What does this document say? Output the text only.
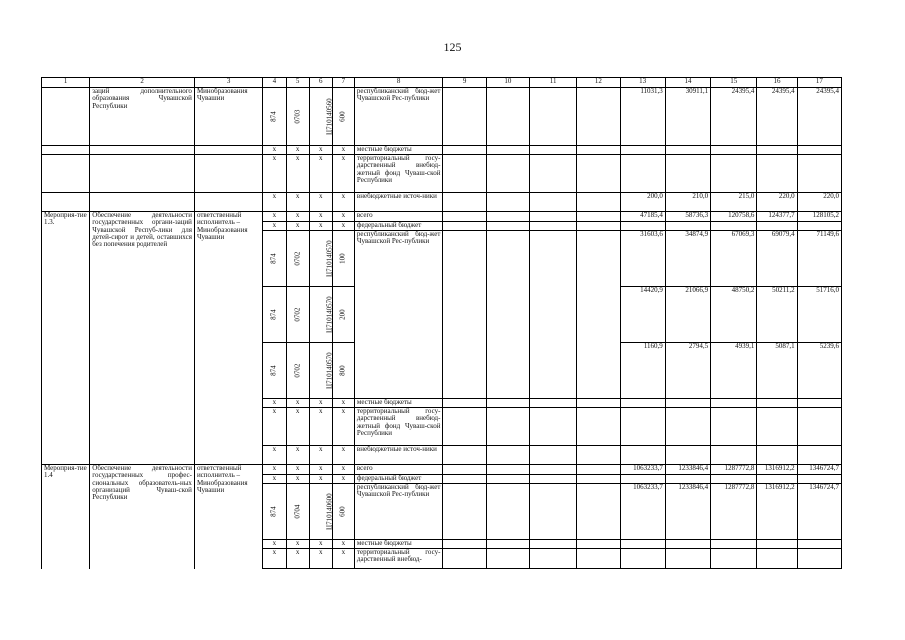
125
1	2	3	4	5	6	7	8	9	10	11	12	13	14	15	16	17
	заций дополнительного образования Чувашской Республики	Минобразования Чувашии	874	0703	Ц710140560	600	республиканский бюд-жет Чувашской Рес-публики					11031,3	30911,1	24395,4	24395,4	24395,4
			х	х	х	х	местные бюджеты									
			х	х	х	х	территориальный госу-дарственный внебюд-жетный фонд Чуваш-ской Республики									
			х	х	х	х	внебюджетные источ-ники					200,0	210,0	215,0	220,0	220,0
Мероприя-тие 1.3.	Обеспечение деятельности государственных органи-заций Чувашской Респуб-лики для детей-сирот и детей, оставшихся без попечения родителей	ответственный исполнитель – Минобразования Чувашии	х	х	х	х	всего					47185,4	58736,3	120758,6	124377,7	128105,2
			х	х	х	х	федеральный бюджет									
			874	0702	Ц710140570	100	республиканский бюд-жет Чувашской Рес-публики					31603,6	34874,9	67069,3	69079,4	71149,6
			874	0702	Ц710140570	200						14420,9	21066,9	48750,2	50211,2	51716,0
			874	0702	Ц710140570	800						1160,9	2794,5	4939,1	5087,1	5239,6
			х	х	х	х	местные бюджеты									
			х	х	х	х	территориальный госу-дарственный внебюд-жетный фонд Чуваш-ской Республики									
			х	х	х	х	внебюджетные источ-ники									
Мероприя-тие 1.4	Обеспечение деятельности государственных профес-сиональных образователь-ных организаций Чуваш-ской Республики	ответственный исполнитель – Минобразования Чувашии	х	х	х	х	всего					1063233,7	1233846,4	1287772,8	1316912,2	1346724,7
			х	х	х	х	федеральный бюджет									
			874	0704	Ц710140600	600	республиканский бюд-жет Чувашской Рес-публики					1063233,7	1233846,4	1287772,8	1316912,2	1346724,7
			х	х	х	х	местные бюджеты									
			х	х	х	х	территориальный госу-дарственный внебюд-									
